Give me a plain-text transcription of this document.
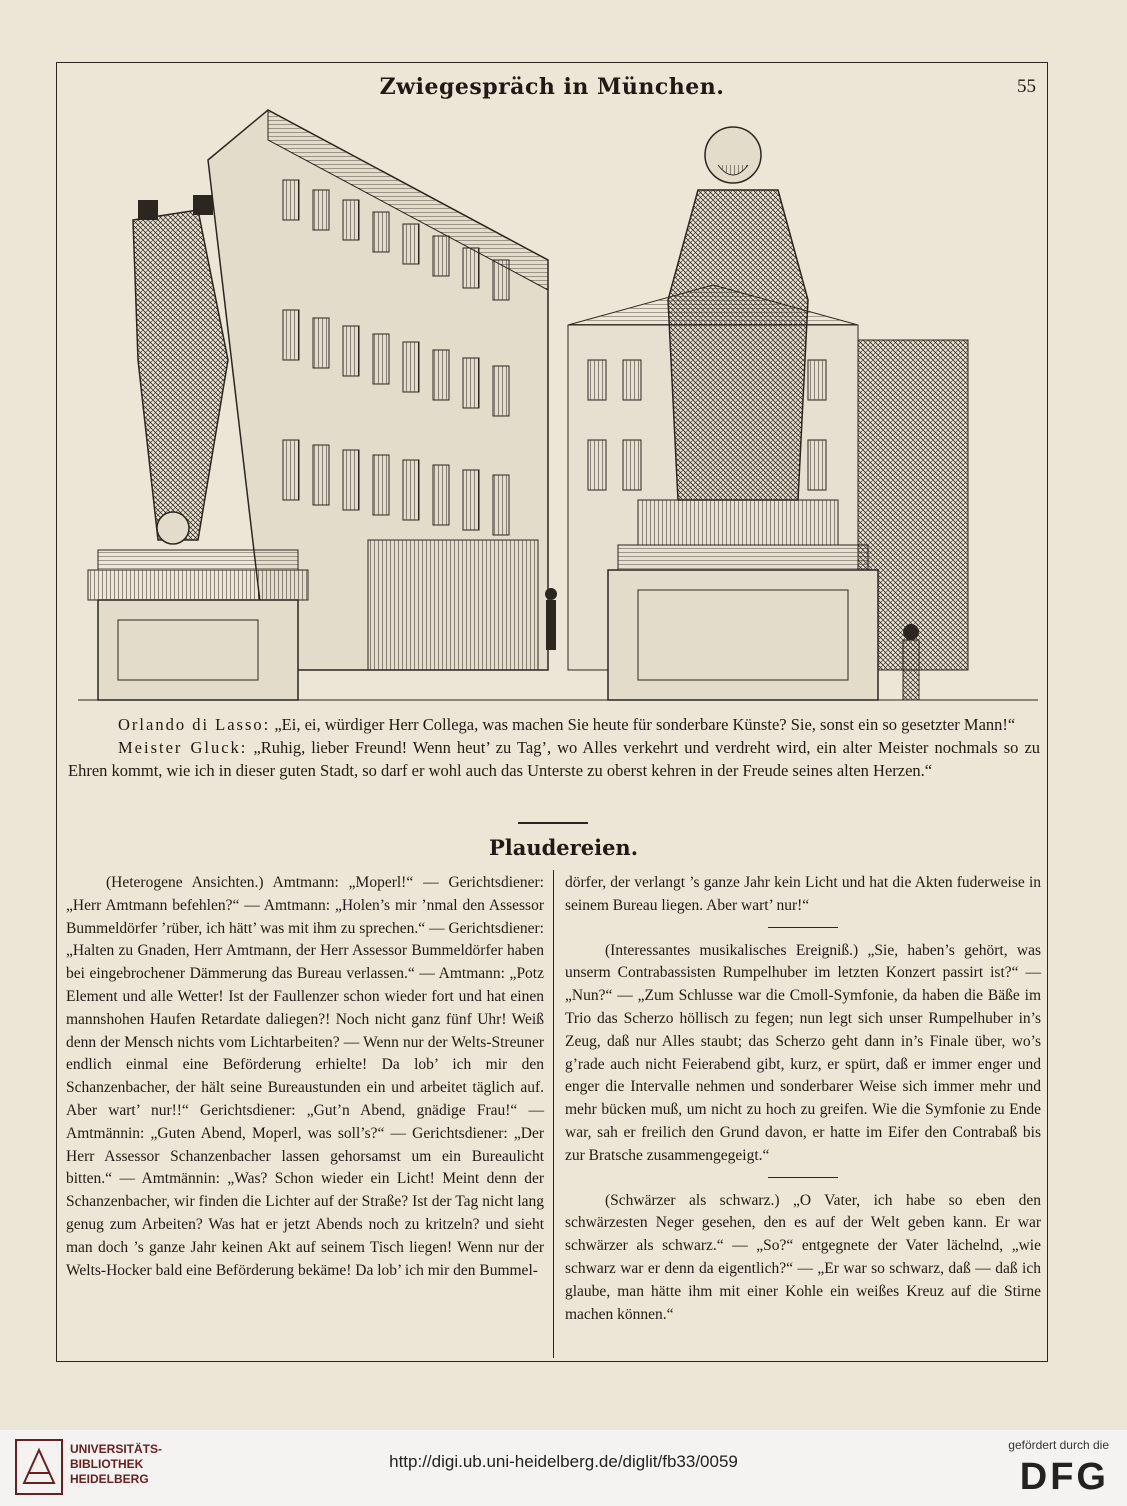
Zwiegespräch in München.	55

Orlando di Lasso: „Ei, ei, würdiger Herr Collega, was machen Sie heute für sonderbare Künste? Sie, sonst ein so gesetzter Mann!“

Meister Gluck: „Ruhig, lieber Freund! Wenn heut’ zu Tag’, wo Alles verkehrt und verdreht wird, ein alter Meister nochmals so zu Ehren kommt, wie ich in dieser guten Stadt, so darf er wohl auch das Unterste zu oberst kehren in der Freude seines alten Herzen.“

Plaudereien.

(Heterogene Ansichten.) Amtmann: „Moperl!“ — Gerichtsdiener: „Herr Amtmann befehlen?“ — Amtmann: „Holen’s mir ’nmal den Assessor Bummeldörfer ’rüber, ich hätt’ was mit ihm zu sprechen.“ — Gerichtsdiener: „Halten zu Gnaden, Herr Amtmann, der Herr Assessor Bummeldörfer haben bei eingebrochener Dämmerung das Bureau verlassen.“ — Amtmann: „Potz Element und alle Wetter! Ist der Faullenzer schon wieder fort und hat einen mannshohen Haufen Retardate daliegen?! Noch nicht ganz fünf Uhr! Weiß denn der Mensch nichts vom Lichtarbeiten? — Wenn nur der Welts-Streuner endlich einmal eine Beförderung erhielte! Da lob’ ich mir den Schanzenbacher, der hält seine Bureaustunden ein und arbeitet täglich auf. Aber wart’ nur!!“ Gerichtsdiener: „Gut’n Abend, gnädige Frau!“ — Amtmännin: „Guten Abend, Moperl, was soll’s?“ — Gerichtsdiener: „Der Herr Assessor Schanzenbacher lassen gehorsamst um ein Bureaulicht bitten.“ — Amtmännin: „Was? Schon wieder ein Licht! Meint denn der Schanzenbacher, wir finden die Lichter auf der Straße? Ist der Tag nicht lang genug zum Arbeiten? Was hat er jetzt Abends noch zu kritzeln? und sieht man doch ’s ganze Jahr keinen Akt auf seinem Tisch liegen! Wenn nur der Welts-Hocker bald eine Beförderung bekäme! Da lob’ ich mir den Bummel-

dörfer, der verlangt ’s ganze Jahr kein Licht und hat die Akten fuderweise in seinem Bureau liegen. Aber wart’ nur!“

(Interessantes musikalisches Ereigniß.) „Sie, haben’s gehört, was unserm Contrabassisten Rumpelhuber im letzten Konzert passirt ist?“ — „Nun?“ — „Zum Schlusse war die Cmoll-Symfonie, da haben die Bäße im Trio das Scherzo höllisch zu fegen; nun legt sich unser Rumpelhuber in’s Zeug, daß nur Alles staubt; das Scherzo geht dann in’s Finale über, wo’s g’rade auch nicht Feierabend gibt, kurz, er spürt, daß er immer enger und enger die Intervalle nehmen und sonderbarer Weise sich immer mehr und mehr bücken muß, um nicht zu hoch zu greifen. Wie die Symfonie zu Ende war, sah er freilich den Grund davon, er hatte im Eifer den Contrabaß bis zur Bratsche zusammengegeigt.“

(Schwärzer als schwarz.) „O Vater, ich habe so eben den schwärzesten Neger gesehen, den es auf der Welt geben kann. Er war schwärzer als schwarz.“ — „So?“ entgegnete der Vater lächelnd, „wie schwarz war er denn da eigentlich?“ — „Er war so schwarz, daß — daß ich glaube, man hätte ihm mit einer Kohle ein weißes Kreuz auf die Stirne machen können.“

UNIVERSITÄTS-
BIBLIOTHEK
HEIDELBERG
http://digi.ub.uni-heidelberg.de/diglit/fb33/0059
gefördert durch die
DFG
